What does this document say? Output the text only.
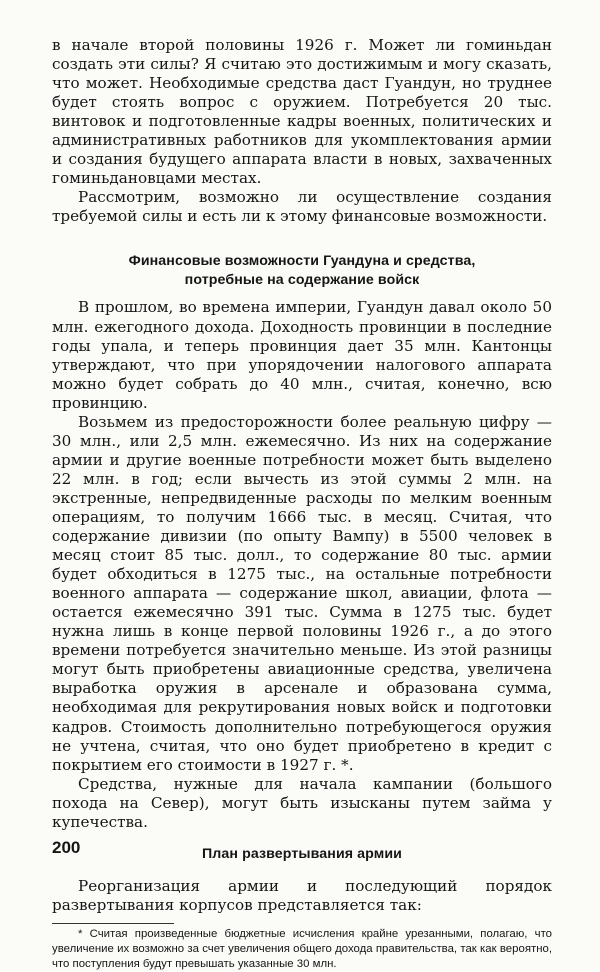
в начале второй половины 1926 г. Может ли гоминьдан создать эти силы? Я считаю это достижимым и могу сказать, что может. Необходимые средства даст Гуандун, но труднее будет стоять вопрос с оружием. Потребуется 20 тыс. винтовок и подготовленные кадры военных, политических и административных работников для укомплектования армии и создания будущего аппарата власти в новых, захваченных гоминьдановцами местах.

Рассмотрим, возможно ли осуществление создания требуемой силы и есть ли к этому финансовые возможности.

Финансовые возможности Гуандуна и средства,

потребные на содержание войск

В прошлом, во времена империи, Гуандун давал около 50 млн. ежегодного дохода. Доходность провинции в последние годы упала, и теперь провинция дает 35 млн. Кантонцы утверждают, что при упорядочении налогового аппарата можно будет собрать до 40 млн., считая, конечно, всю провинцию.

Возьмем из предосторожности более реальную цифру — 30 млн., или 2,5 млн. ежемесячно. Из них на содержание армии и другие военные потребности может быть выделено 22 млн. в год; если вычесть из этой суммы 2 млн. на экстренные, непредвиденные расходы по мелким военным операциям, то получим 1666 тыс. в месяц. Считая, что содержание дивизии (по опыту Вампу) в 5500 человек в месяц стоит 85 тыс. долл., то содержание 80 тыс. армии будет обходиться в 1275 тыс., на остальные потребности военного аппарата — содержание школ, авиации, флота — остается ежемесячно 391 тыс. Сумма в 1275 тыс. будет нужна лишь в конце первой половины 1926 г., а до этого времени потребуется значительно меньше. Из этой разницы могут быть приобретены авиационные средства, увеличена выработка оружия в арсенале и образована сумма, необходимая для рекрутирования новых войск и подготовки кадров. Стоимость дополнительно потребующегося оружия не учтена, считая, что оно будет приобретено в кредит с покрытием его стоимости в 1927 г. *.

Средства, нужные для начала кампании (большого похода на Север), могут быть изысканы путем займа у купечества.

План развертывания армии

Реорганизация армии и последующий порядок развертывания корпусов представляется так:

* Считая произведенные бюджетные исчисления крайне урезанными, полагаю, что увеличение их возможно за счет увеличения общего дохода правительства, так как вероятно, что поступления будут превышать указанные 30 млн.

200
